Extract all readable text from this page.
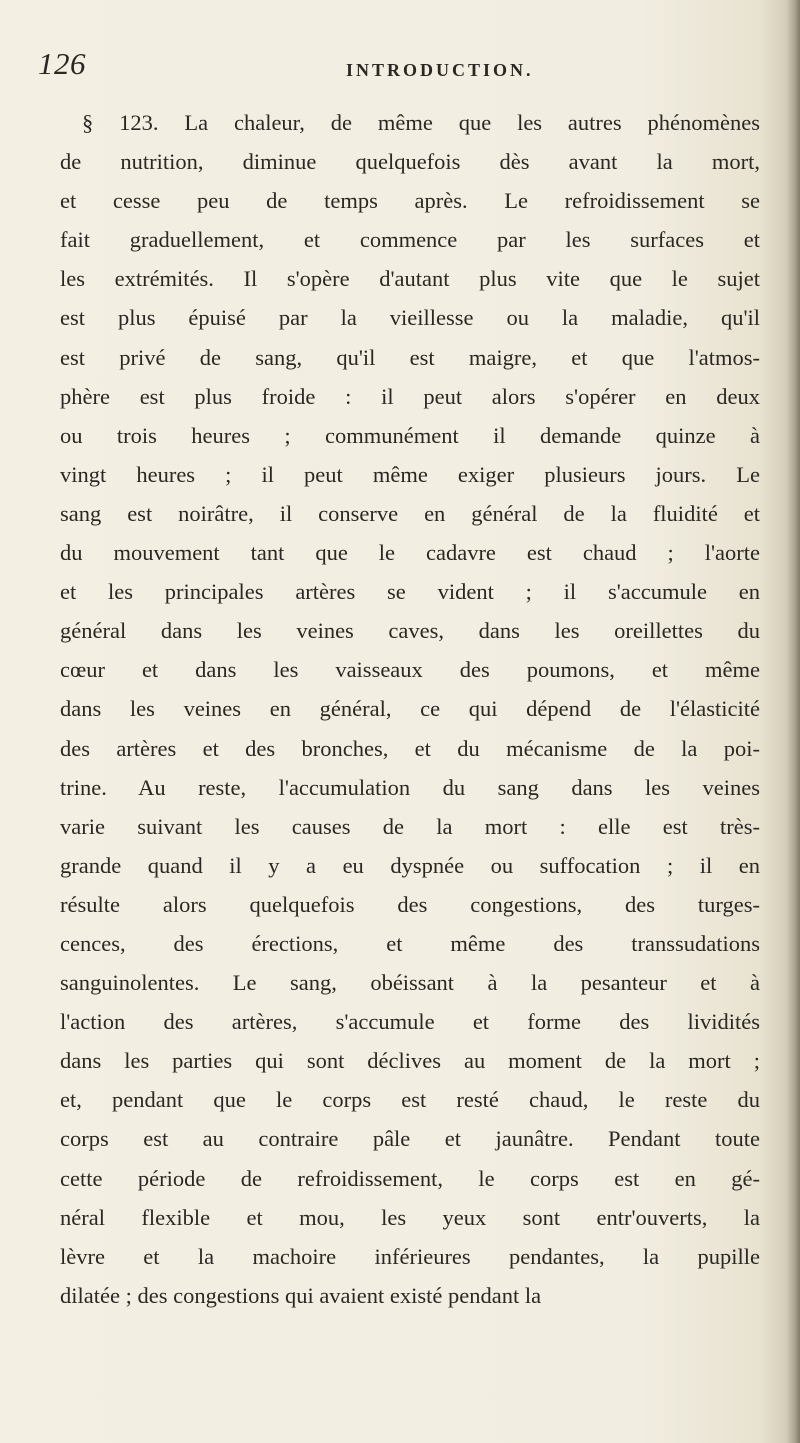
126	INTRODUCTION.
§ 123. La chaleur, de même que les autres phénomènes
de nutrition, diminue quelquefois dès avant la mort,
et cesse peu de temps après. Le refroidissement se
fait graduellement, et commence par les surfaces et
les extrémités. Il s'opère d'autant plus vite que le sujet
est plus épuisé par la vieillesse ou la maladie, qu'il
est privé de sang, qu'il est maigre, et que l'atmos-
phère est plus froide : il peut alors s'opérer en deux
ou trois heures ; communément il demande quinze à
vingt heures ; il peut même exiger plusieurs jours. Le
sang est noirâtre, il conserve en général de la fluidité et
du mouvement tant que le cadavre est chaud ; l'aorte
et les principales artères se vident ; il s'accumule en
général dans les veines caves, dans les oreillettes du
cœur et dans les vaisseaux des poumons, et même
dans les veines en général, ce qui dépend de l'élasticité
des artères et des bronches, et du mécanisme de la poi-
trine. Au reste, l'accumulation du sang dans les veines
varie suivant les causes de la mort : elle est très-
grande quand il y a eu dyspnée ou suffocation ; il en
résulte alors quelquefois des congestions, des turges-
cences, des érections, et même des transsudations
sanguinolentes. Le sang, obéissant à la pesanteur et à
l'action des artères, s'accumule et forme des lividités
dans les parties qui sont déclives au moment de la mort ;
et, pendant que le corps est resté chaud, le reste du
corps est au contraire pâle et jaunâtre. Pendant toute
cette période de refroidissement, le corps est en gé-
néral flexible et mou, les yeux sont entr'ouverts, la
lèvre et la machoire inférieures pendantes, la pupille
dilatée ; des congestions qui avaient existé pendant la
